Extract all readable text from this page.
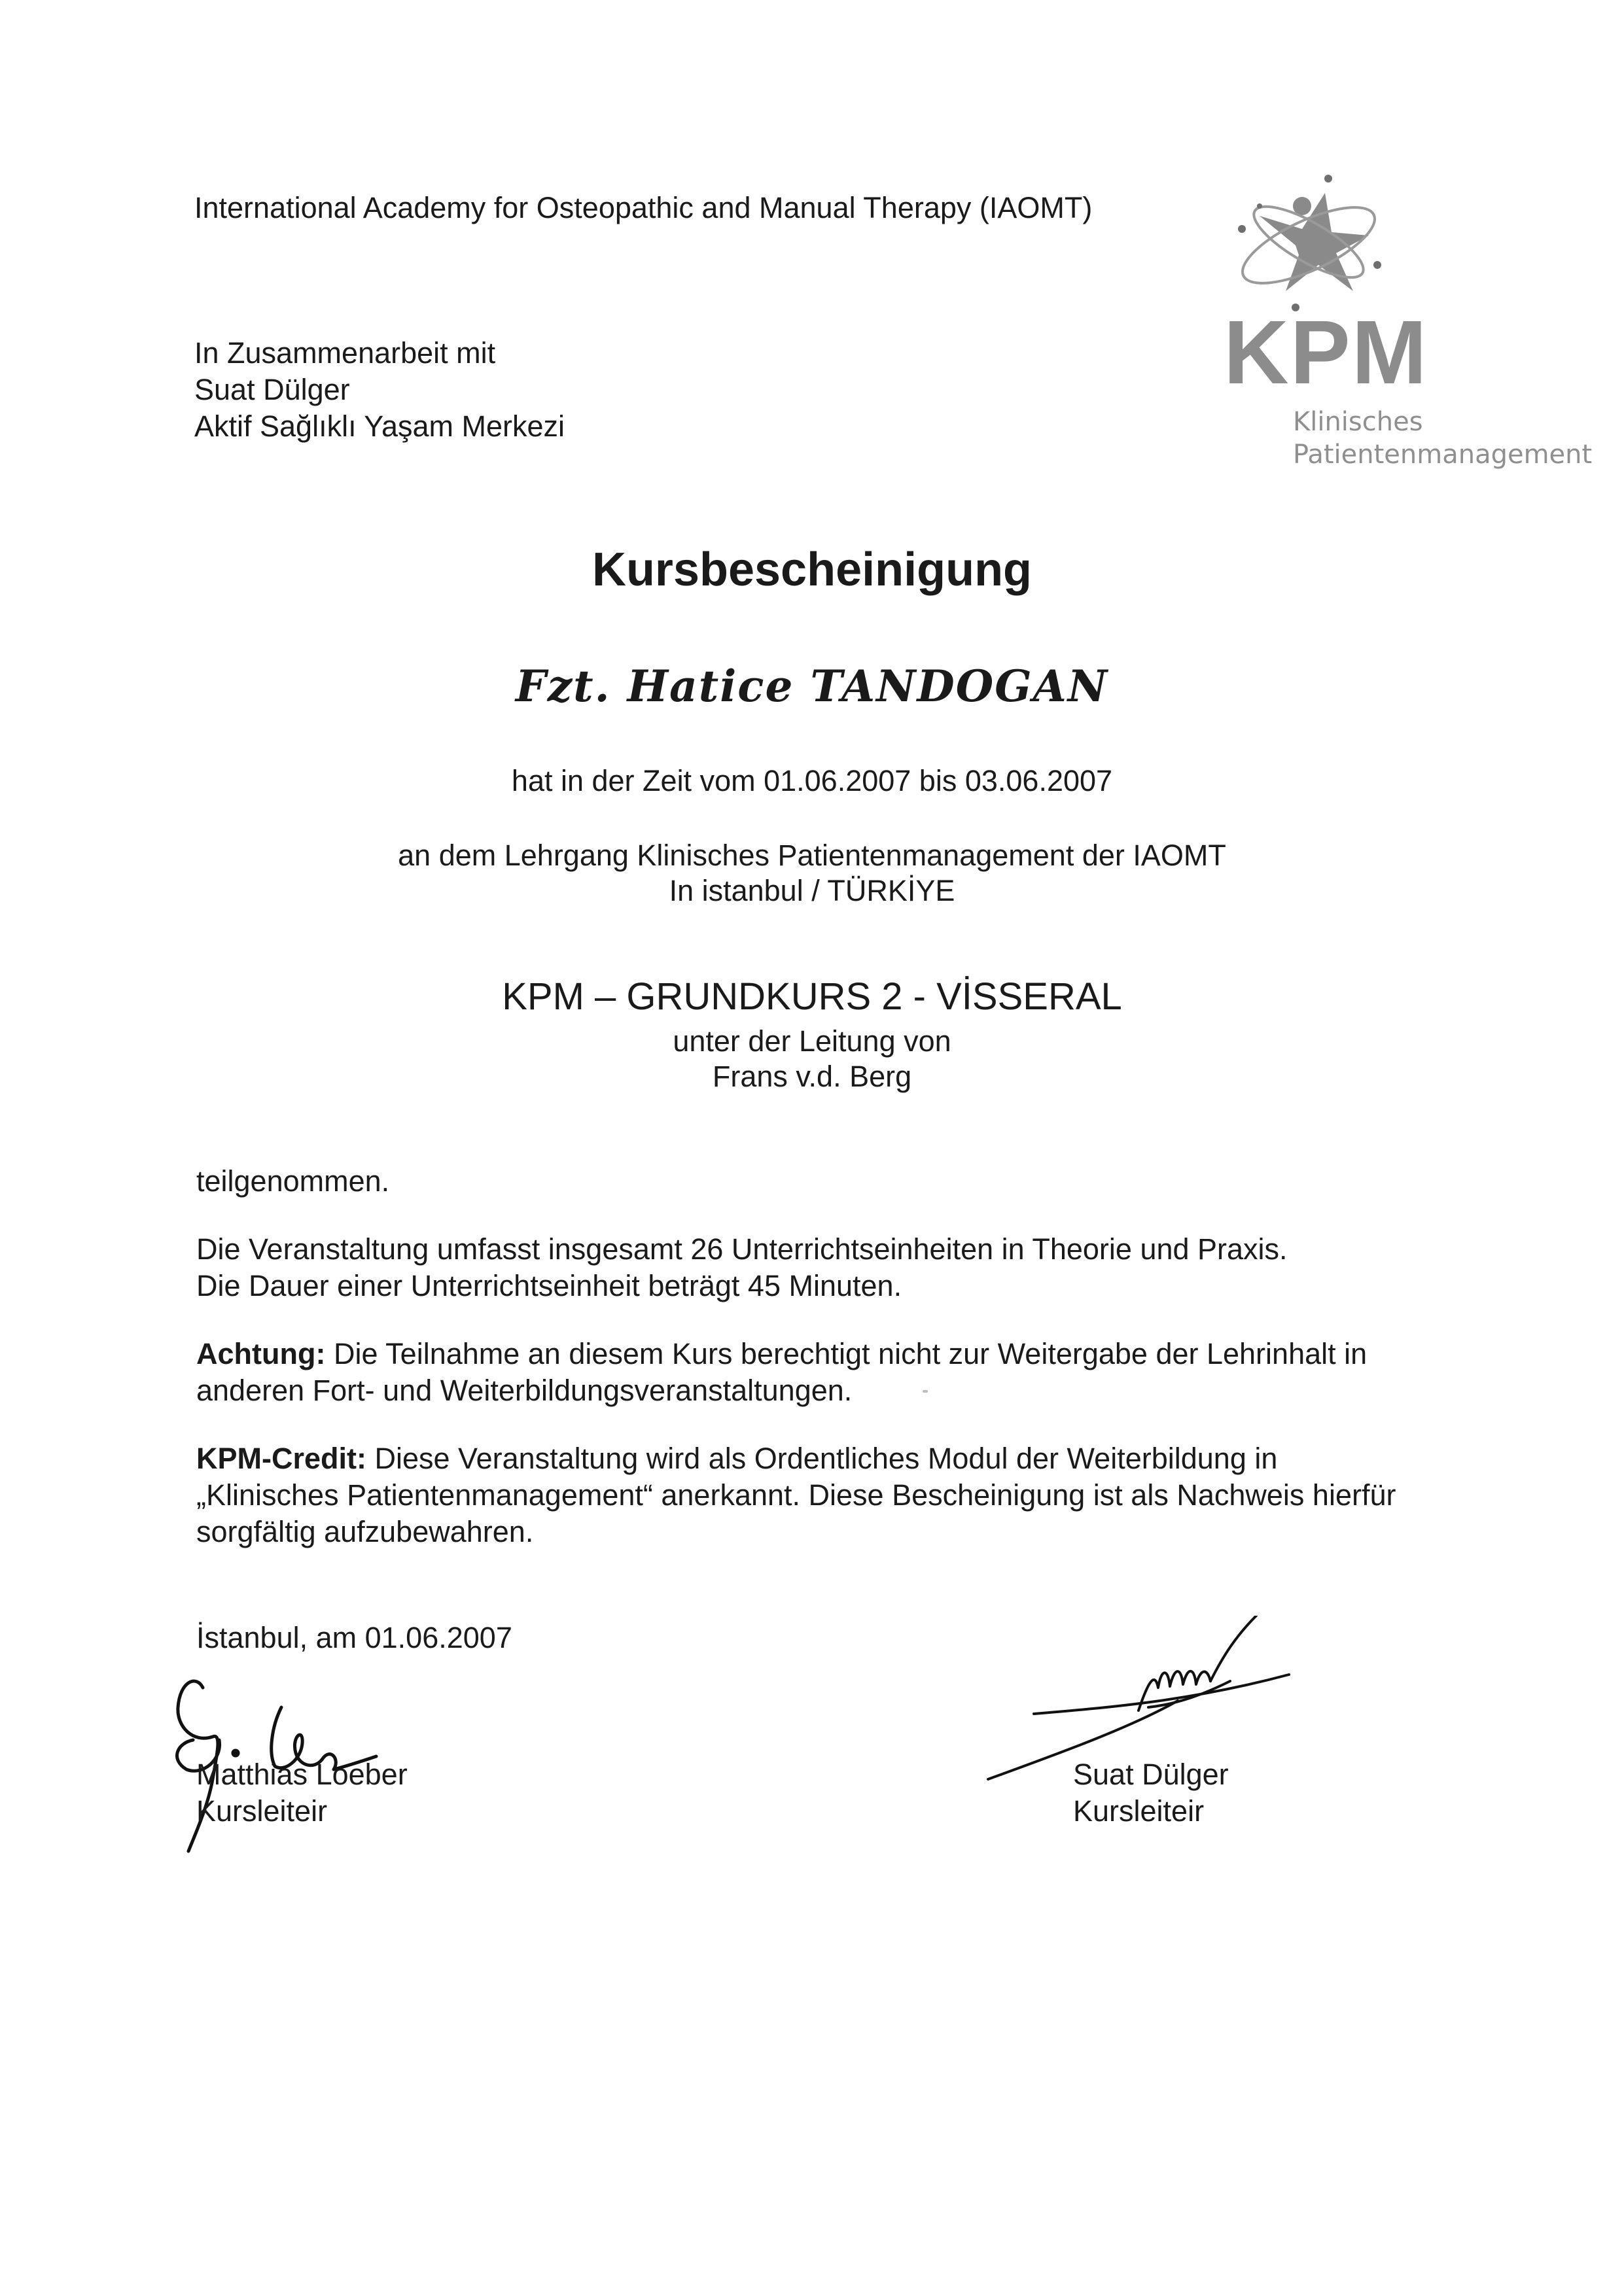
International Academy for Osteopathic and Manual Therapy (IAOMT)
In Zusammenarbeit mit
Suat Dülger
Aktif Sağlıklı Yaşam Merkezi
KPM
Klinisches
Patientenmanagement
Kursbescheinigung
Fzt. Hatice TANDOGAN
hat in der Zeit vom 01.06.2007 bis 03.06.2007
an dem Lehrgang Klinisches Patientenmanagement der IAOMT
In istanbul / TÜRKİYE
KPM – GRUNDKURS 2 - VİSSERAL
unter der Leitung von
Frans v.d. Berg
teilgenommen.
Die Veranstaltung umfasst insgesamt 26 Unterrichtseinheiten in Theorie und Praxis.
Die Dauer einer Unterrichtseinheit beträgt 45 Minuten.
Achtung: Die Teilnahme an diesem Kurs berechtigt nicht zur Weitergabe der Lehrinhalt in
anderen Fort- und Weiterbildungsveranstaltungen.
KPM-Credit: Diese Veranstaltung wird als Ordentliches Modul der Weiterbildung in
„Klinisches Patientenmanagement“ anerkannt. Diese Bescheinigung ist als Nachweis hierfür
sorgfältig aufzubewahren.
İstanbul, am 01.06.2007
Matthias Loeber
Kursleiteir
Suat Dülger
Kursleiteir
